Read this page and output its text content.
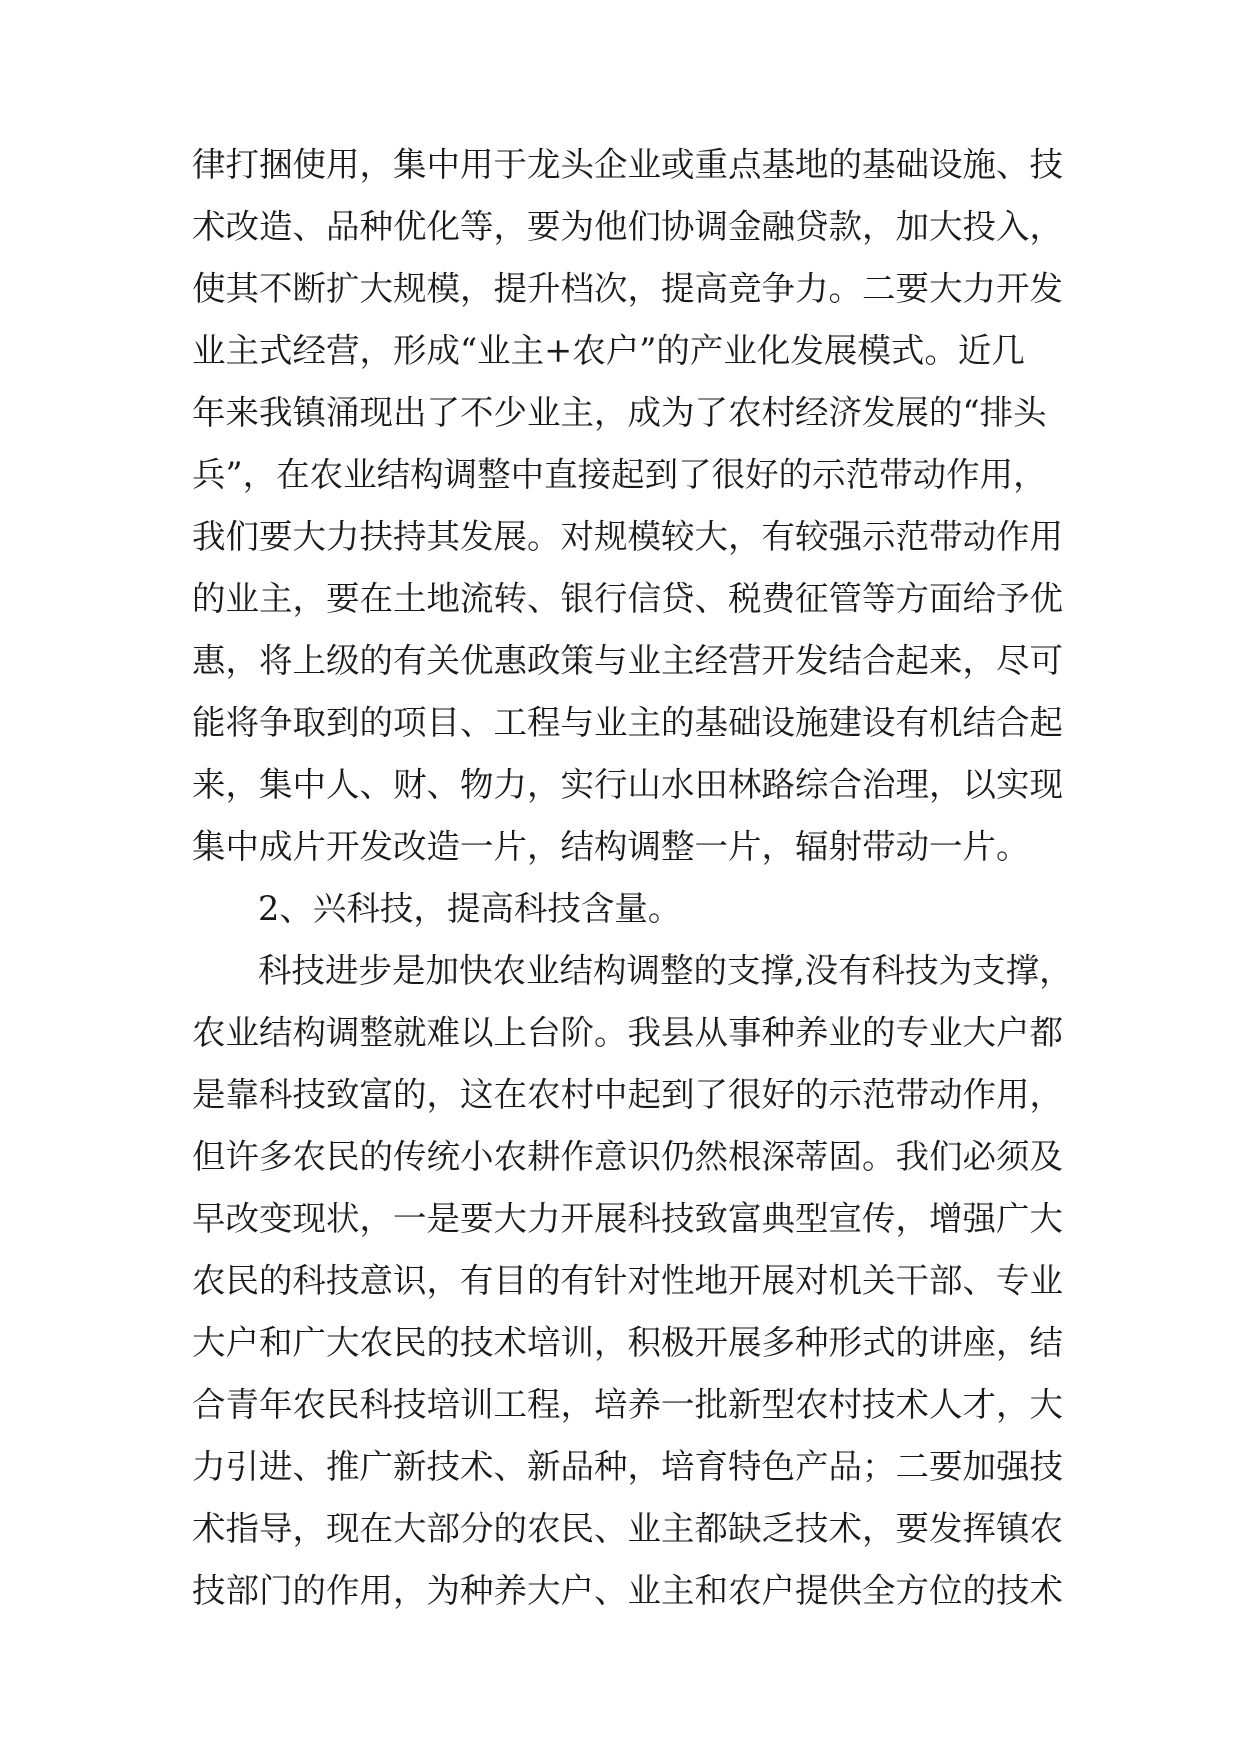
律打捆使用，集中用于龙头企业或重点基地的基础设施、技
术改造、品种优化等，要为他们协调金融贷款，加大投入，
使其不断扩大规模，提升档次，提高竞争力。二要大力开发
业主式经营，形成“业主+农户”的产业化发展模式。近几
年来我镇涌现出了不少业主，成为了农村经济发展的“排头
兵”，在农业结构调整中直接起到了很好的示范带动作用，
我们要大力扶持其发展。对规模较大，有较强示范带动作用
的业主，要在土地流转、银行信贷、税费征管等方面给予优
惠，将上级的有关优惠政策与业主经营开发结合起来，尽可
能将争取到的项目、工程与业主的基础设施建设有机结合起
来，集中人、财、物力，实行山水田林路综合治理，以实现
集中成片开发改造一片，结构调整一片，辐射带动一片。
2、兴科技，提高科技含量。
科技进步是加快农业结构调整的支撑,没有科技为支撑，
农业结构调整就难以上台阶。我县从事种养业的专业大户都
是靠科技致富的，这在农村中起到了很好的示范带动作用，
但许多农民的传统小农耕作意识仍然根深蒂固。我们必须及
早改变现状，一是要大力开展科技致富典型宣传，增强广大
农民的科技意识，有目的有针对性地开展对机关干部、专业
大户和广大农民的技术培训，积极开展多种形式的讲座，结
合青年农民科技培训工程，培养一批新型农村技术人才，大
力引进、推广新技术、新品种，培育特色产品；二要加强技
术指导，现在大部分的农民、业主都缺乏技术，要发挥镇农
技部门的作用，为种养大户、业主和农户提供全方位的技术
